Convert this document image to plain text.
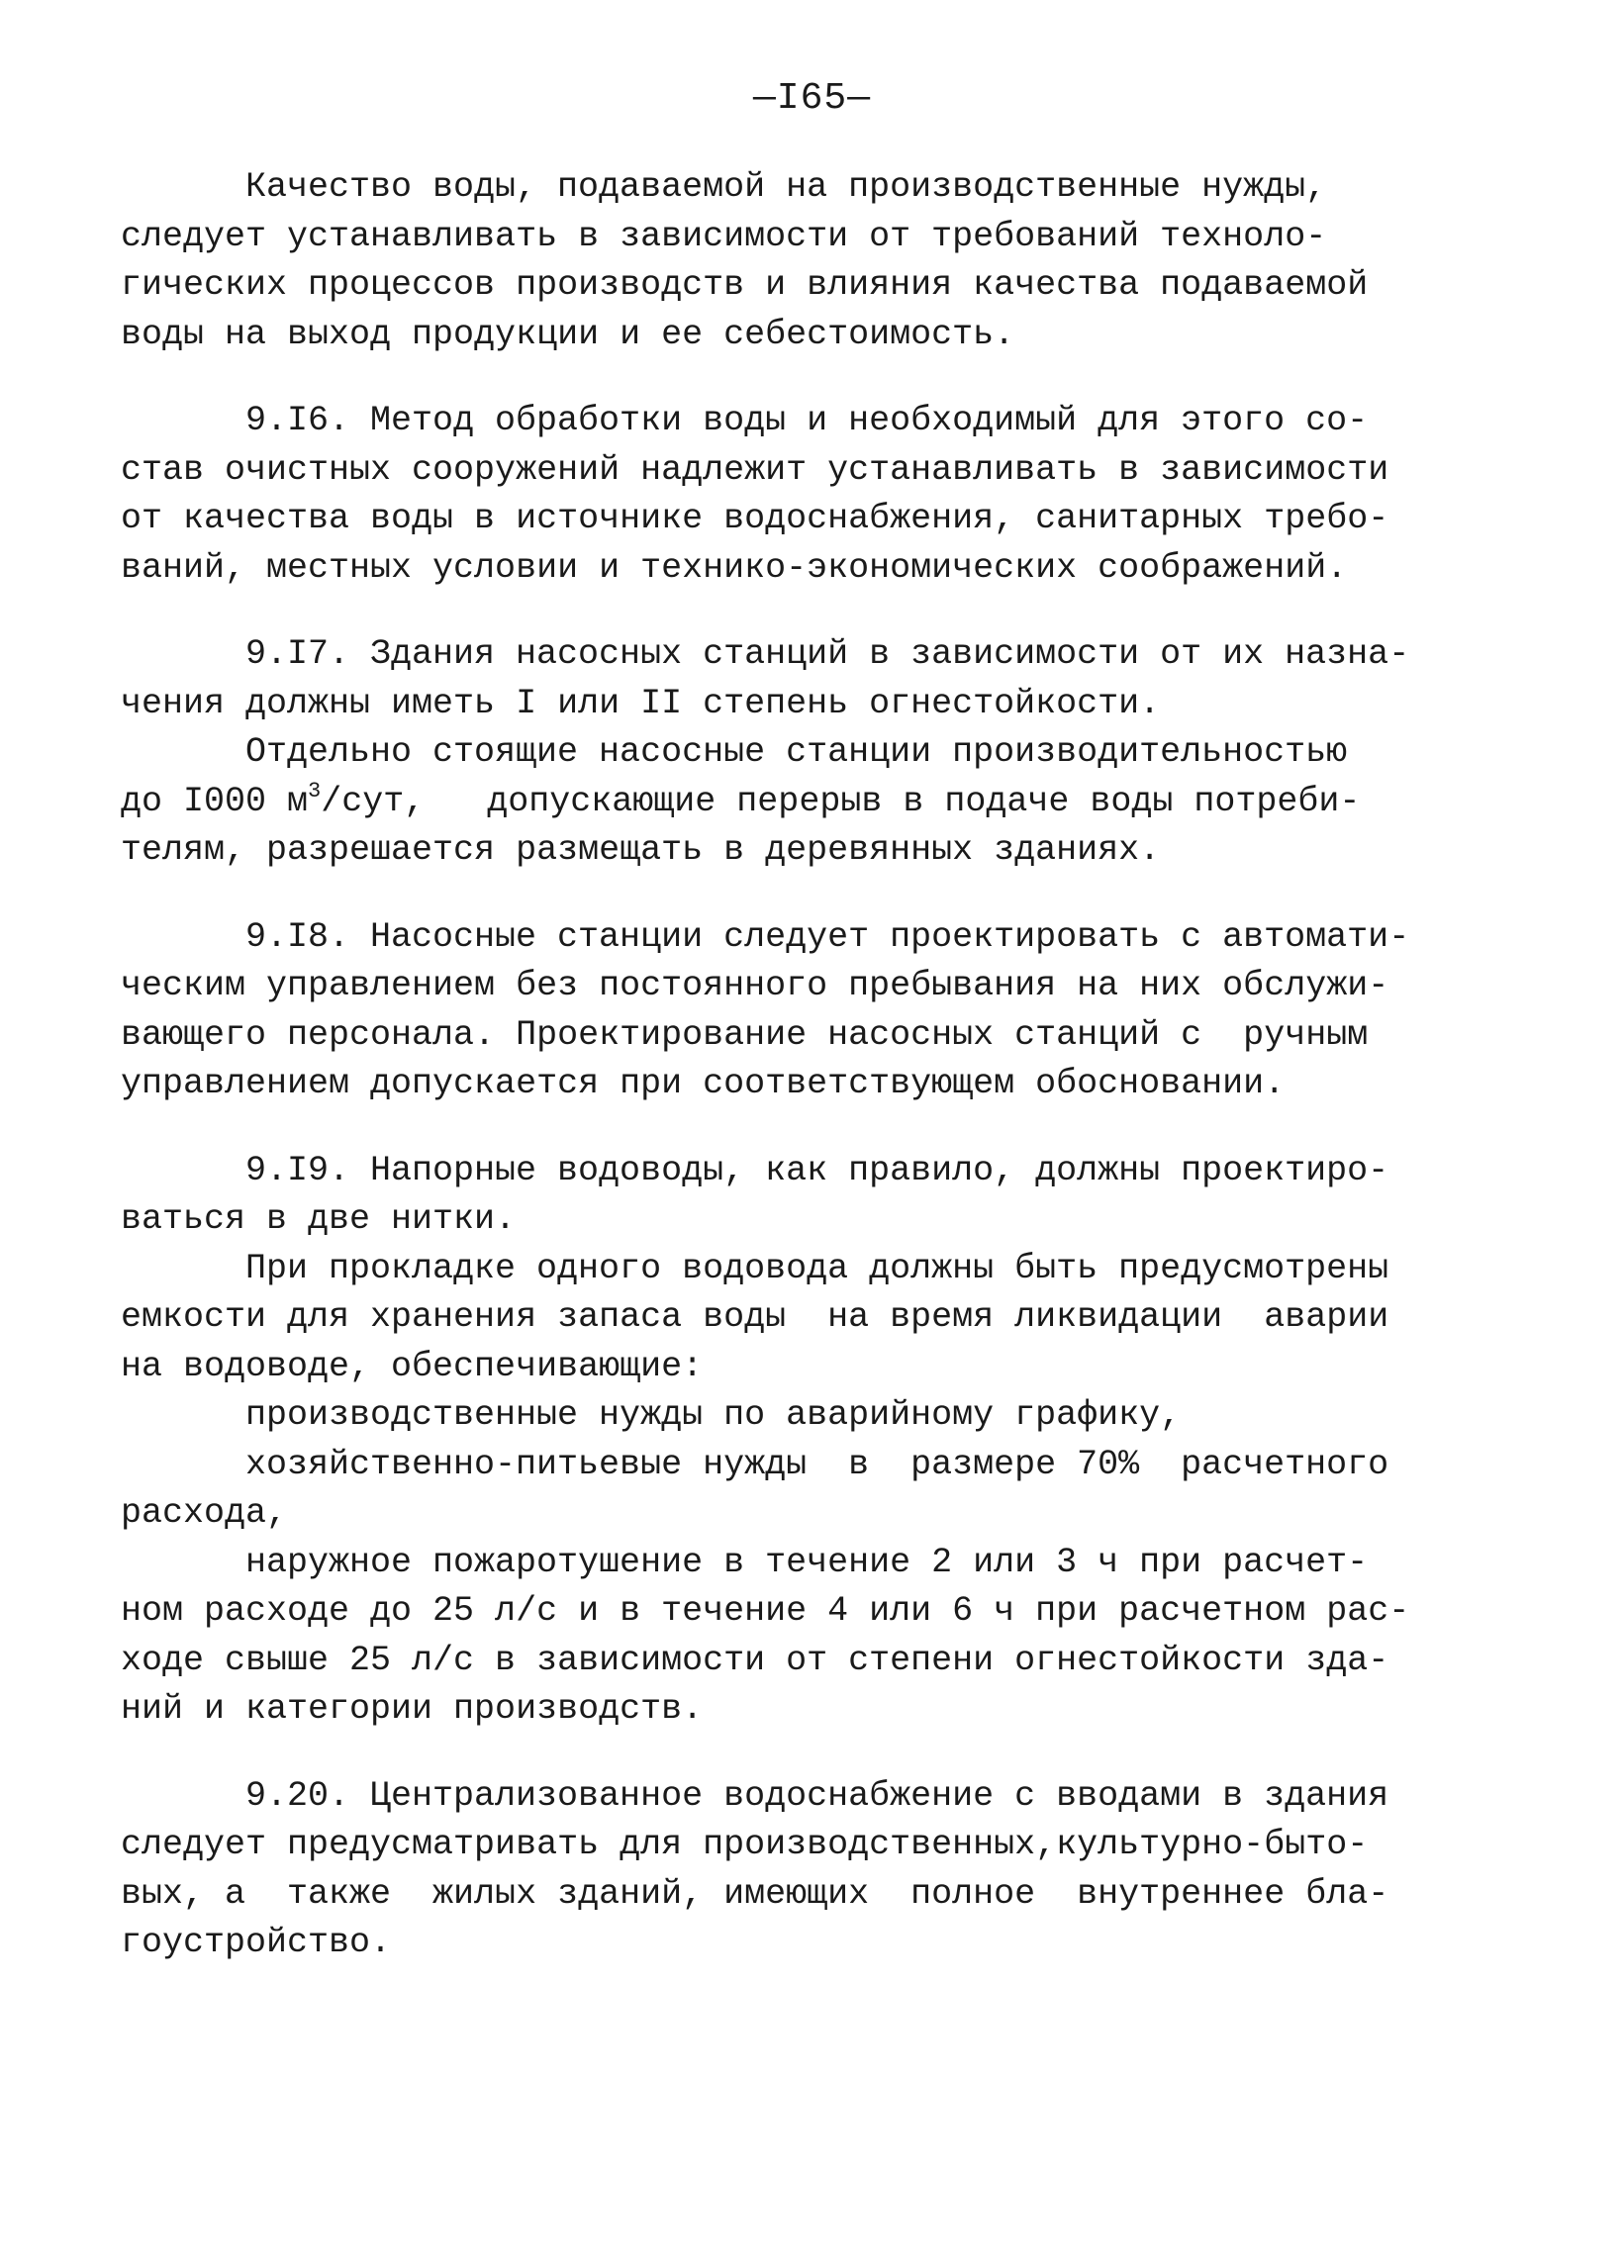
—I65—
Качество воды, подаваемой на производственные нужды,
следует устанавливать в зависимости от требований техноло-
гических процессов производств и влияния качества подаваемой
воды на выход продукции и ее себестоимость.
9.I6. Метод обработки воды и необходимый для этого со-
став очистных сооружений надлежит устанавливать в зависимости
от качества воды в источнике водоснабжения, санитарных требо-
ваний, местных условии и технико-экономических соображений.
9.I7. Здания насосных станций в зависимости от их назна-
чения должны иметь I или II степень огнестойкости.
Отдельно стоящие насосные станции производительностью
до I000 $м^3$/сут,   допускающие перерыв в подаче воды потреби-
телям, разрешается размещать в деревянных зданиях.
9.I8. Насосные станции следует проектировать с автомати-
ческим управлением без постоянного пребывания на них обслужи-
вающего персонала. Проектирование насосных станций с  ручным
управлением допускается при соответствующем обосновании.
9.I9. Напорные водоводы, как правило, должны проектиро-
ваться в две нитки.
При прокладке одного водовода должны быть предусмотрены
емкости для хранения запаса воды  на время ликвидации  аварии
на водоводе, обеспечивающие:
производственные нужды по аварийному графику,
хозяйственно-питьевые нужды  в  размере 70%  расчетного
расхода,
наружное пожаротушение в течение 2 или 3 ч при расчет-
ном расходе до 25 л/с и в течение 4 или 6 ч при расчетном рас-
ходе свыше 25 л/с в зависимости от степени огнестойкости зда-
ний и категории производств.
9.20. Централизованное водоснабжение с вводами в здания
следует предусматривать для производственных,культурно-быто-
вых, а  также  жилых зданий, имеющих  полное  внутреннее бла-
гоустройство.
